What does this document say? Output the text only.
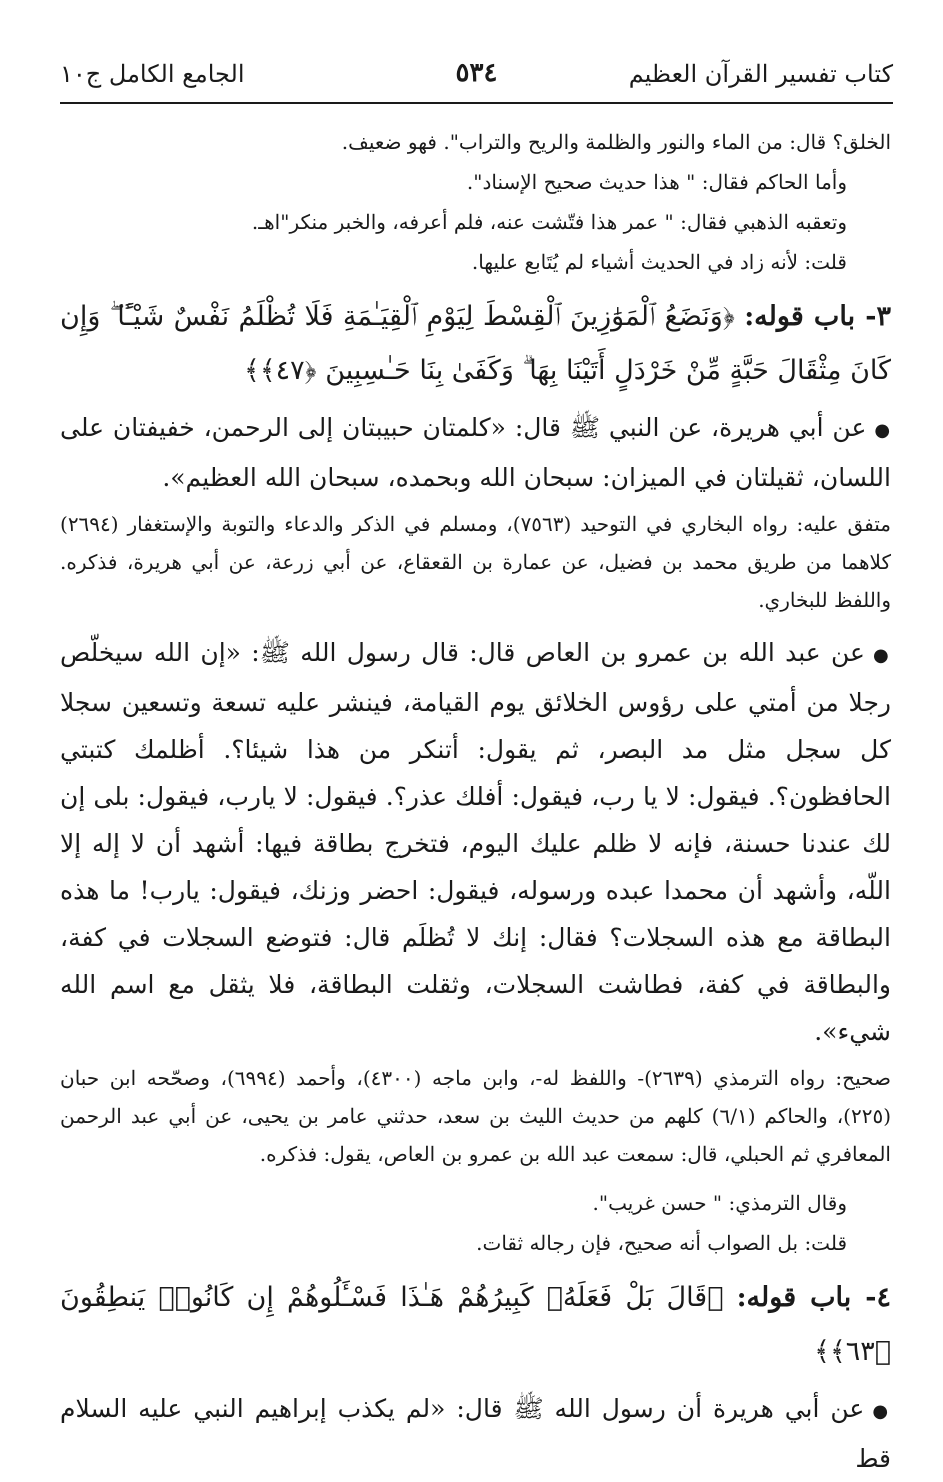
كتاب تفسير القرآن العظيم
٥٣٤
الجامع الكامل ج١٠

الخلق؟ قال: من الماء والنور والظلمة والريح والتراب". فهو ضعيف.

وأما الحاكم فقال: " هذا حديث صحيح الإسناد".

وتعقبه الذهبي فقال: " عمر هذا فتّشت عنه، فلم أعرفه، والخبر منكر"اهـ.

قلت: لأنه زاد في الحديث أشياء لم يُتَابع عليها.

٣- باب قوله: ﴿وَنَضَعُ ٱلْمَوَٰزِينَ ٱلْقِسْطَ لِيَوْمِ ٱلْقِيَـٰمَةِ فَلَا تُظْلَمُ نَفْسٌ شَيْـًٔا ۖ وَإِن كَانَ مِثْقَالَ حَبَّةٍ مِّنْ خَرْدَلٍ أَتَيْنَا بِهَا ۗ وَكَفَىٰ بِنَا حَـٰسِبِينَ ﴿٤٧﴾﴾

●عن أبي هريرة، عن النبي ﷺ قال: «كلمتان حبيبتان إلى الرحمن، خفيفتان على اللسان، ثقيلتان في الميزان: سبحان الله وبحمده، سبحان الله العظيم».

متفق عليه: رواه البخاري في التوحيد (٧٥٦٣)، ومسلم في الذكر والدعاء والتوبة والإستغفار (٢٦٩٤) كلاهما من طريق محمد بن فضيل، عن عمارة بن القعقاع، عن أبي زرعة، عن أبي هريرة، فذكره. واللفظ للبخاري.

●عن عبد الله بن عمرو بن العاص قال: قال رسول الله ﷺ: «إن الله سيخلّص رجلا من أمتي على رؤوس الخلائق يوم القيامة، فينشر عليه تسعة وتسعين سجلا كل سجل مثل مد البصر، ثم يقول: أتنكر من هذا شيئا؟. أظلمك كتبتي الحافظون؟. فيقول: لا يا رب، فيقول: أفلك عذر؟. فيقول: لا يارب، فيقول: بلى إن لك عندنا حسنة، فإنه لا ظلم عليك اليوم، فتخرج بطاقة فيها: أشهد أن لا إله إلا اللّه، وأشهد أن محمدا عبده ورسوله، فيقول: احضر وزنك، فيقول: يارب! ما هذه البطاقة مع هذه السجلات؟ فقال: إنك لا تُظلَم قال: فتوضع السجلات في كفة، والبطاقة في كفة، فطاشت السجلات، وثقلت البطاقة، فلا يثقل مع اسم الله شيء».

صحيح: رواه الترمذي (٢٦٣٩)- واللفظ له-، وابن ماجه (٤٣٠٠)، وأحمد (٦٩٩٤)، وصحّحه ابن حبان (٢٢٥)، والحاكم (٦/١) كلهم من حديث الليث بن سعد، حدثني عامر بن يحيى، عن أبي عبد الرحمن المعافري ثم الحبلي، قال: سمعت عبد الله بن عمرو بن العاص، يقول: فذكره.

وقال الترمذي: " حسن غريب".

قلت: بل الصواب أنه صحيح، فإن رجاله ثقات.

٤- باب قوله: ﴿قَالَ بَلْ فَعَلَهُۥ كَبِيرُهُمْ هَـٰذَا فَسْـَٔلُوهُمْ إِن كَانُوا۟ يَنطِقُونَ ﴿٦٣﴾﴾

●عن أبي هريرة أن رسول الله ﷺ قال: «لم يكذب إبراهيم النبي عليه السلام قط
